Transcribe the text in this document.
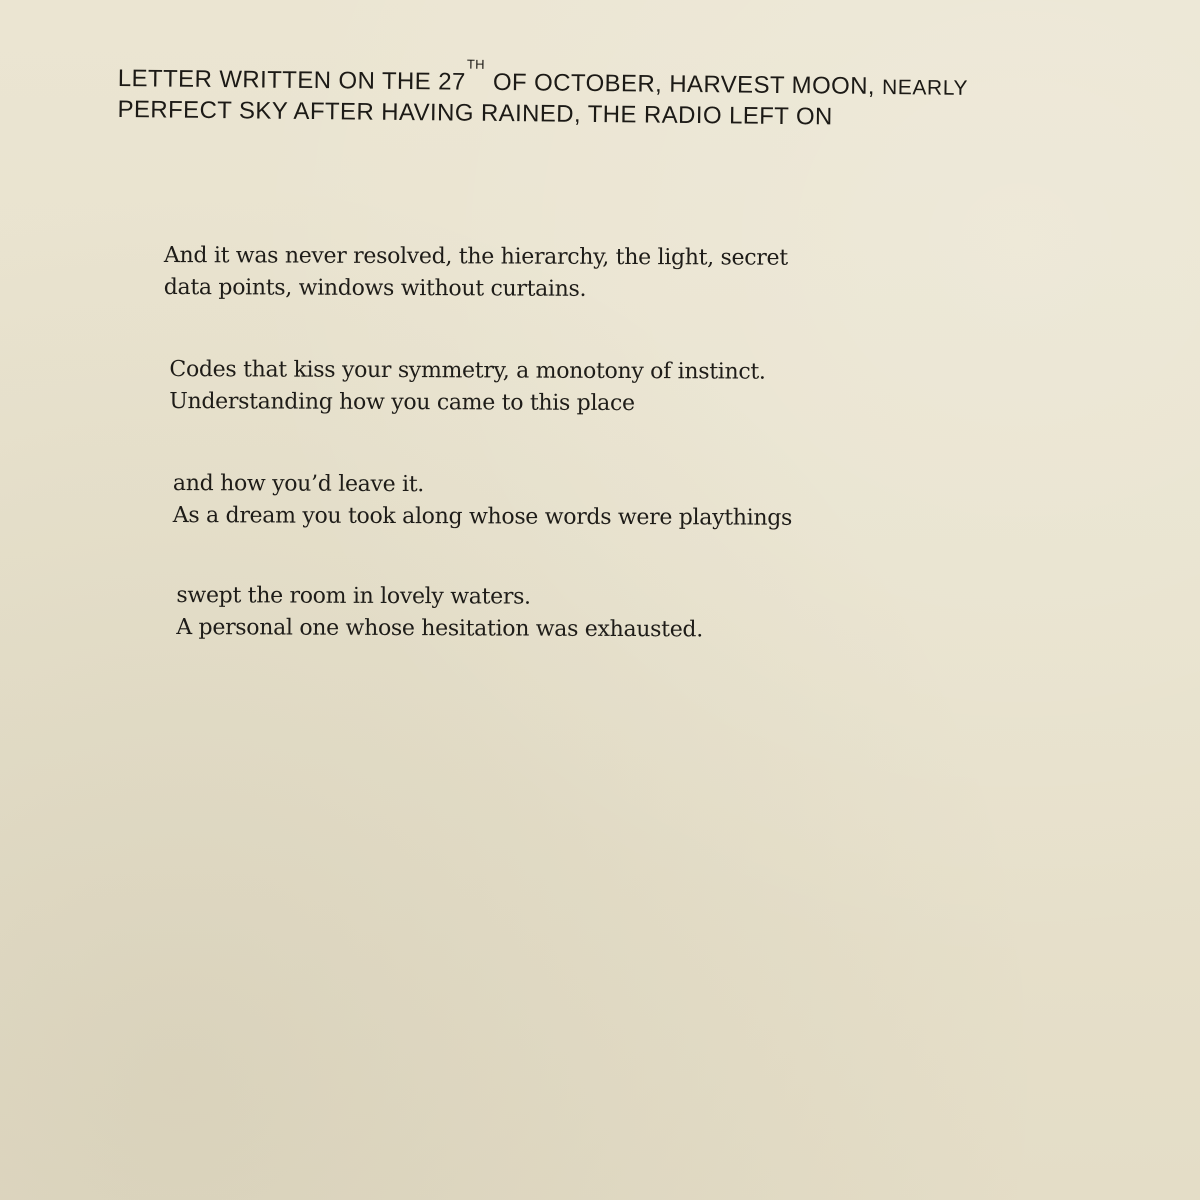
LETTER WRITTEN ON THE 27TH OF OCTOBER, HARVEST MOON, NEARLY
PERFECT SKY AFTER HAVING RAINED, THE RADIO LEFT ON
And it was never resolved, the hierarchy, the light, secret
data points, windows without curtains.
Codes that kiss your symmetry, a monotony of instinct.
Understanding how you came to this place
and how you’d leave it.
As a dream you took along whose words were playthings
swept the room in lovely waters.
A personal one whose hesitation was exhausted.
